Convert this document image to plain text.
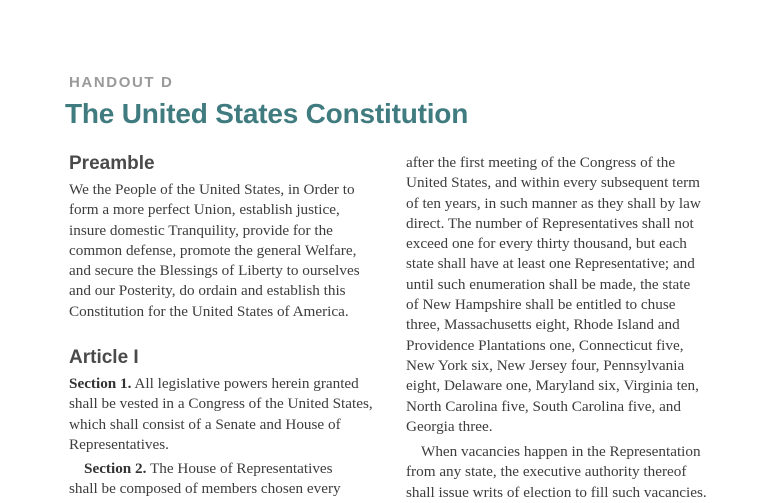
HANDOUT D
The United States Constitution
Preamble
We the People of the United States, in Order to
form a more perfect Union, establish justice,
insure domestic Tranquility, provide for the
common defense, promote the general Welfare,
and secure the Blessings of Liberty to ourselves
and our Posterity, do ordain and establish this
Constitution for the United States of America.
Article I
Section 1. All legislative powers herein granted
shall be vested in a Congress of the United States,
which shall consist of a Senate and House of
Representatives.
Section 2. The House of Representatives
shall be composed of members chosen every
after the first meeting of the Congress of the
United States, and within every subsequent term
of ten years, in such manner as they shall by law
direct. The number of Representatives shall not
exceed one for every thirty thousand, but each
state shall have at least one Representative; and
until such enumeration shall be made, the state
of New Hampshire shall be entitled to chuse
three, Massachusetts eight, Rhode Island and
Providence Plantations one, Connecticut five,
New York six, New Jersey four, Pennsylvania
eight, Delaware one, Maryland six, Virginia ten,
North Carolina five, South Carolina five, and
Georgia three.
When vacancies happen in the Representation
from any state, the executive authority thereof
shall issue writs of election to fill such vacancies.
